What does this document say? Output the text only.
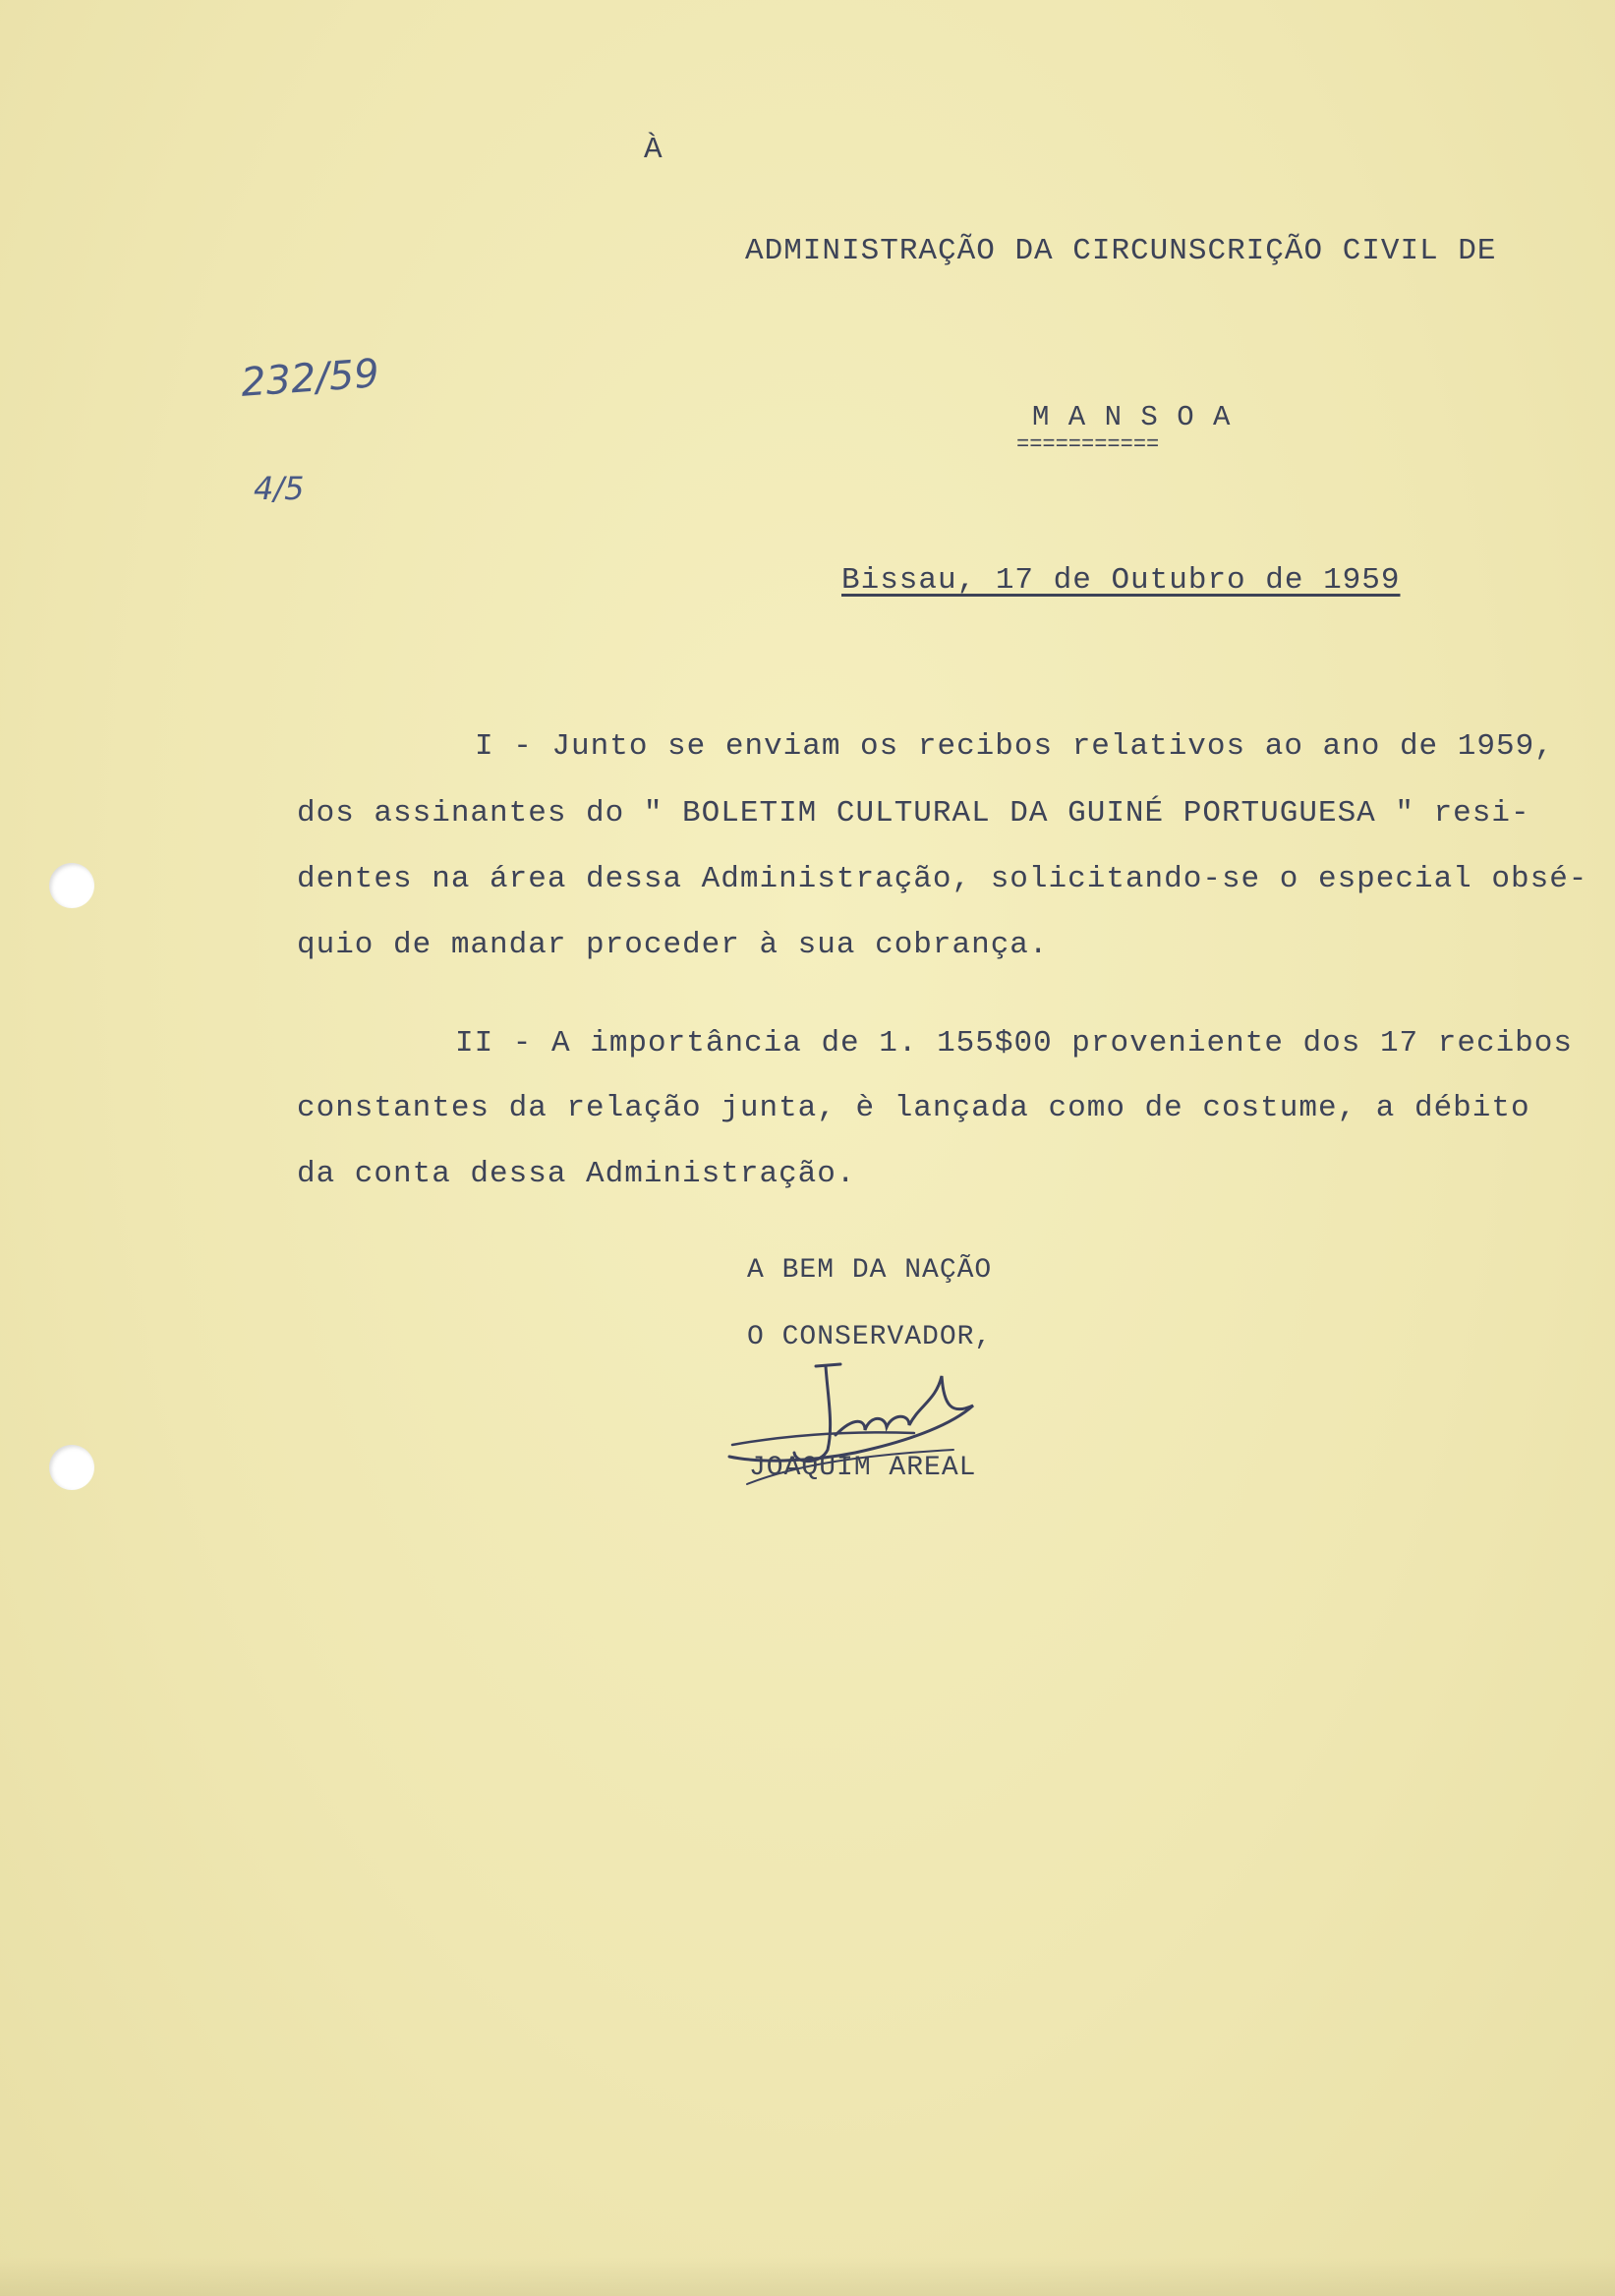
À
ADMINISTRAÇÃO DA CIRCUNSCRIÇÃO CIVIL DE
M A N S O A
===========
232/59
4/5
Bissau, 17 de Outubro de 1959
I - Junto se enviam os recibos relativos ao ano de 1959,
dos assinantes do " BOLETIM CULTURAL DA GUINÉ PORTUGUESA " resi-
dentes na área dessa Administração, solicitando-se o especial obsé-
quio de mandar proceder à sua cobrança.
II - A importância de 1. 155$00 proveniente dos 17 recibos
constantes da relação junta, è lançada como de costume, a débito
da conta dessa Administração.
A BEM DA NAÇÃO
O CONSERVADOR,
JOAQUIM AREAL
